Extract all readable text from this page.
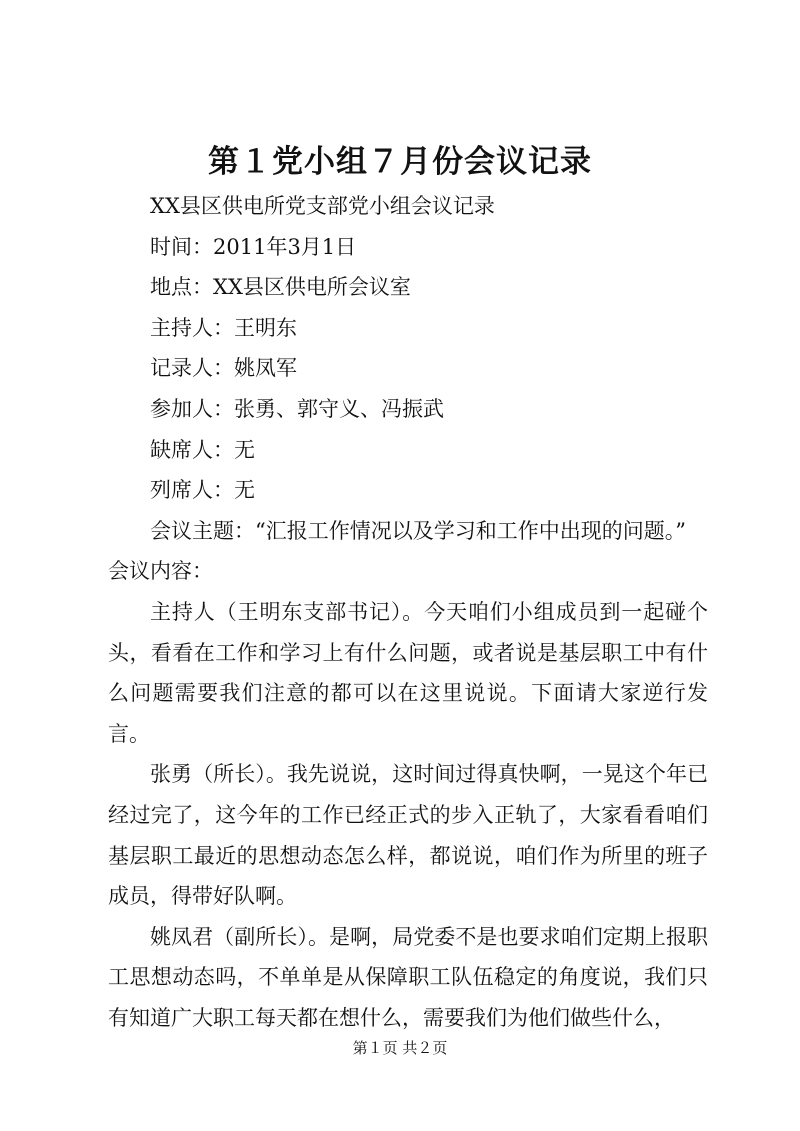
第１党小组７月份会议记录

XX县区供电所党支部党小组会议记录

时间：2011年3月1日

地点：XX县区供电所会议室

主持人：王明东

记录人：姚凤军

参加人：张勇、郭守义、冯振武

缺席人：无

列席人：无

会议主题：“汇报工作情况以及学习和工作中出现的问题。”

会议内容：

主持人（王明东支部书记）。今天咱们小组成员到一起碰个头，看看在工作和学习上有什么问题，或者说是基层职工中有什么问题需要我们注意的都可以在这里说说。下面请大家逆行发言。

张勇（所长）。我先说说，这时间过得真快啊，一晃这个年已经过完了，这今年的工作已经正式的步入正轨了，大家看看咱们基层职工最近的思想动态怎么样，都说说，咱们作为所里的班子成员，得带好队啊。

姚凤君（副所长）。是啊，局党委不是也要求咱们定期上报职工思想动态吗，不单单是从保障职工队伍稳定的角度说，我们只有知道广大职工每天都在想什么，需要我们为他们做些什么，

第１页 共２页
